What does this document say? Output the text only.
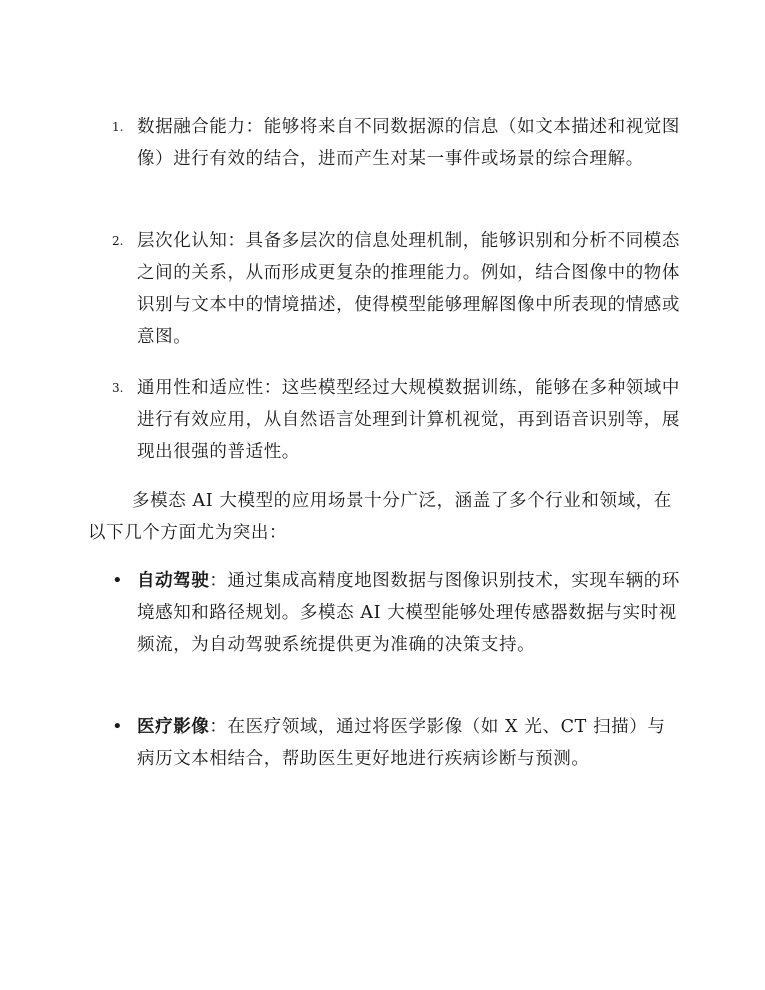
1. 数据融合能力：能够将来自不同数据源的信息（如文本描述和视觉图像）进行有效的结合，进而产生对某一事件或场景的综合理解。

2. 层次化认知：具备多层次的信息处理机制，能够识别和分析不同模态之间的关系，从而形成更复杂的推理能力。例如，结合图像中的物体识别与文本中的情境描述，使得模型能够理解图像中所表现的情感或意图。

3. 通用性和适应性：这些模型经过大规模数据训练，能够在多种领域中进行有效应用，从自然语言处理到计算机视觉，再到语音识别等，展现出很强的普适性。

多模态 AI 大模型的应用场景十分广泛，涵盖了多个行业和领域，在以下几个方面尤为突出：

• 自动驾驶：通过集成高精度地图数据与图像识别技术，实现车辆的环境感知和路径规划。多模态 AI 大模型能够处理传感器数据与实时视频流，为自动驾驶系统提供更为准确的决策支持。

• 医疗影像：在医疗领域，通过将医学影像（如 X 光、CT 扫描）与病历文本相结合，帮助医生更好地进行疾病诊断与预测。
